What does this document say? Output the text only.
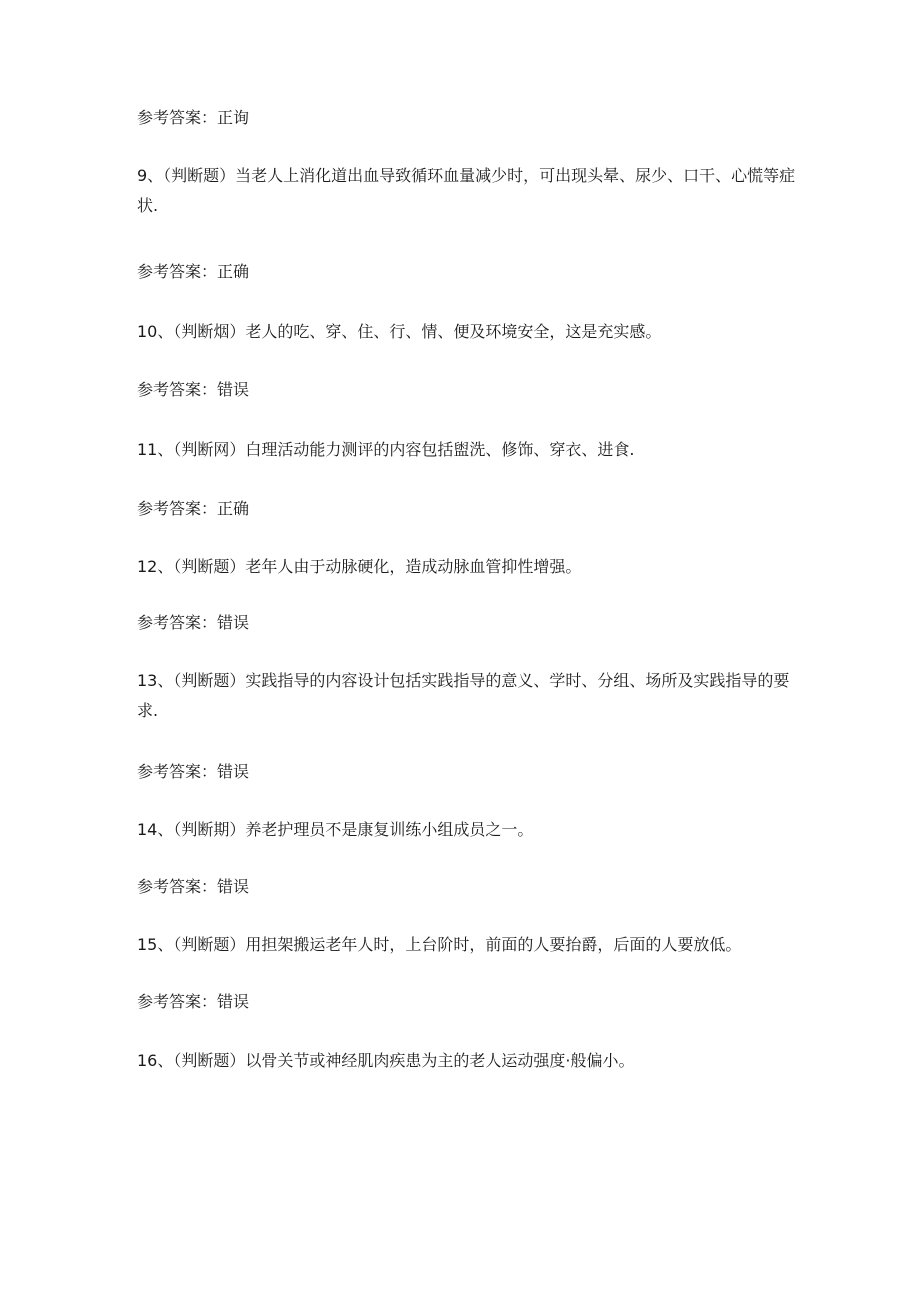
参考答案：正询
9、（判断题）当老人上消化道出血导致循环血量减少时，可出现头晕、尿少、口干、心慌等症状.
参考答案：正确
10、（判断烟）老人的吃、穿、住、行、情、便及环境安全，这是充实感。
参考答案：错误
11、（判断网）白理活动能力测评的内容包括盥洗、修饰、穿衣、进食.
参考答案：正确
12、（判断题）老年人由于动脉硬化，造成动脉血管抑性增强。
参考答案：错误
13、（判断题）实践指导的内容设计包括实践指导的意义、学时、分组、场所及实践指导的要求.
参考答案：错误
14、（判断期）养老护理员不是康复训练小组成员之一。
参考答案：错误
15、（判断题）用担架搬运老年人时，上台阶时，前面的人要抬爵，后面的人要放低。
参考答案：错误
16、（判断题）以骨关节或神经肌肉疾患为主的老人运动强度·般偏小。
